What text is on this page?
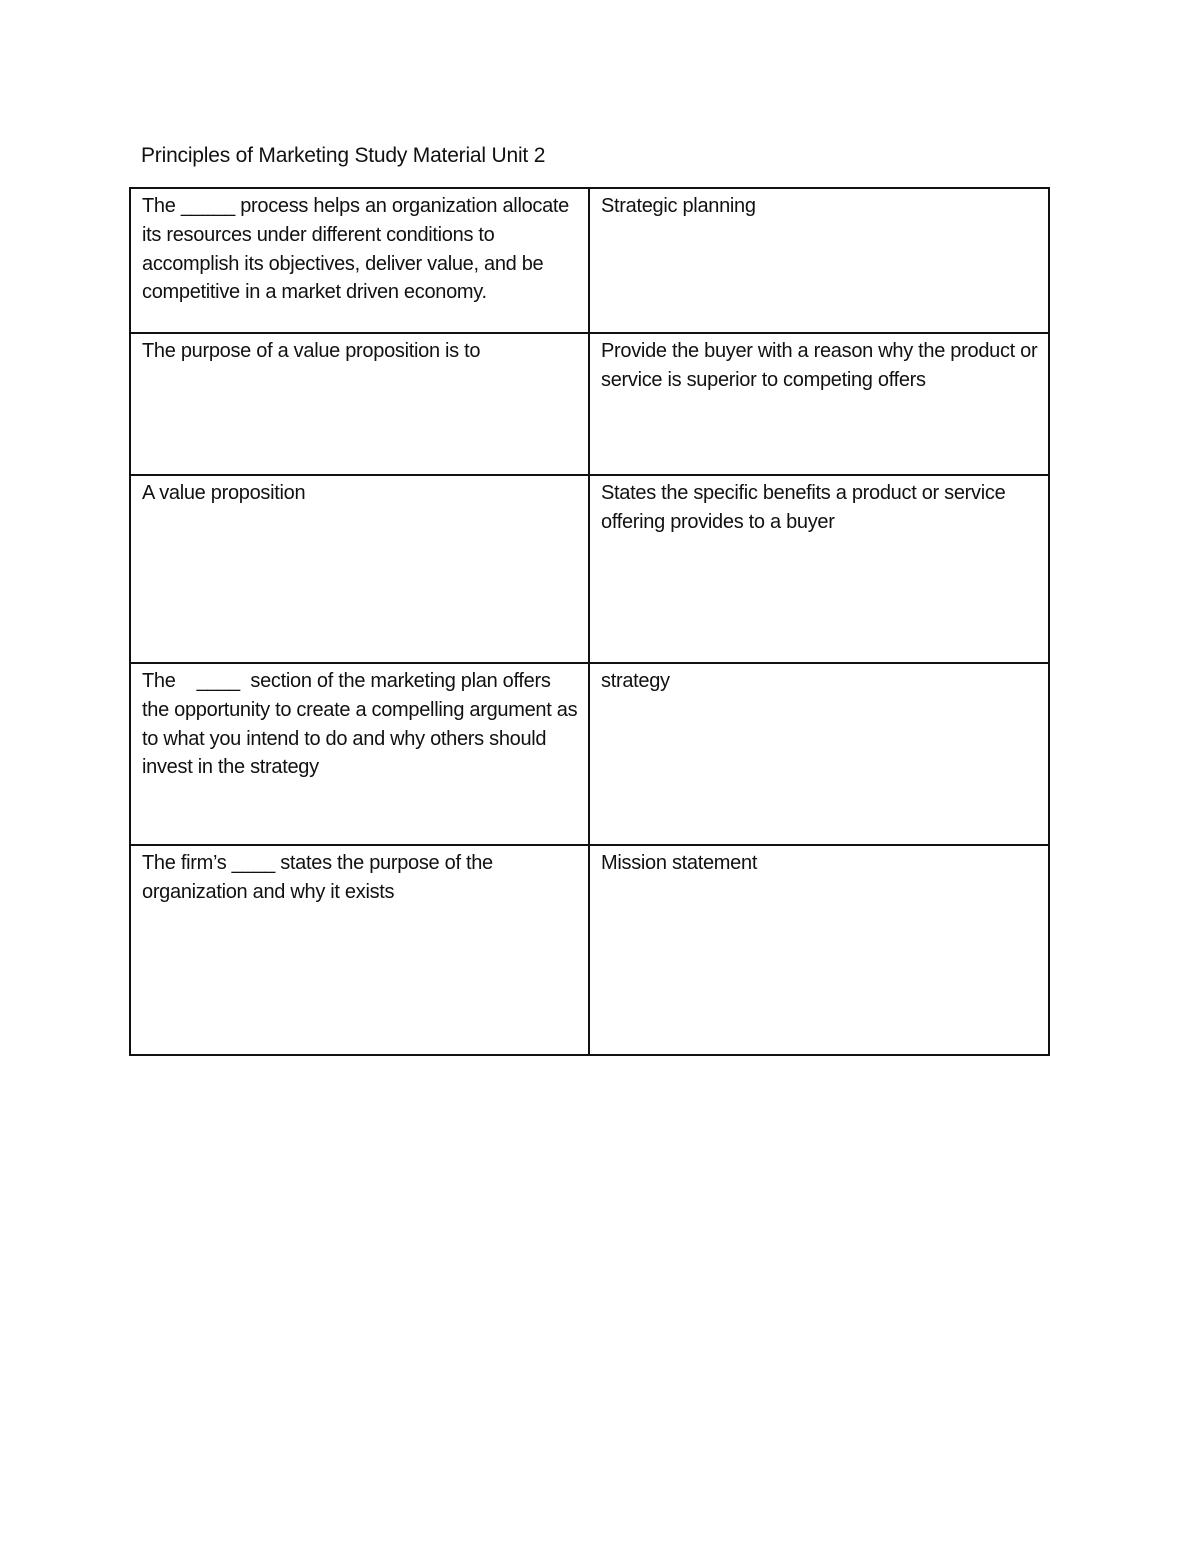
Principles of Marketing Study Material Unit 2
The _____ process helps an organization allocate its resources under different conditions to accomplish its objectives, deliver value, and be competitive in a market driven economy.	Strategic planning
The purpose of a value proposition is to	Provide the buyer with a reason why the product or service is superior to competing offers
A value proposition	States the specific benefits a product or service offering provides to a buyer
The    ____  section of the marketing plan offers the opportunity to create a compelling argument as to what you intend to do and why others should invest in the strategy	strategy
The firm’s ____ states the purpose of the organization and why it exists	Mission statement
